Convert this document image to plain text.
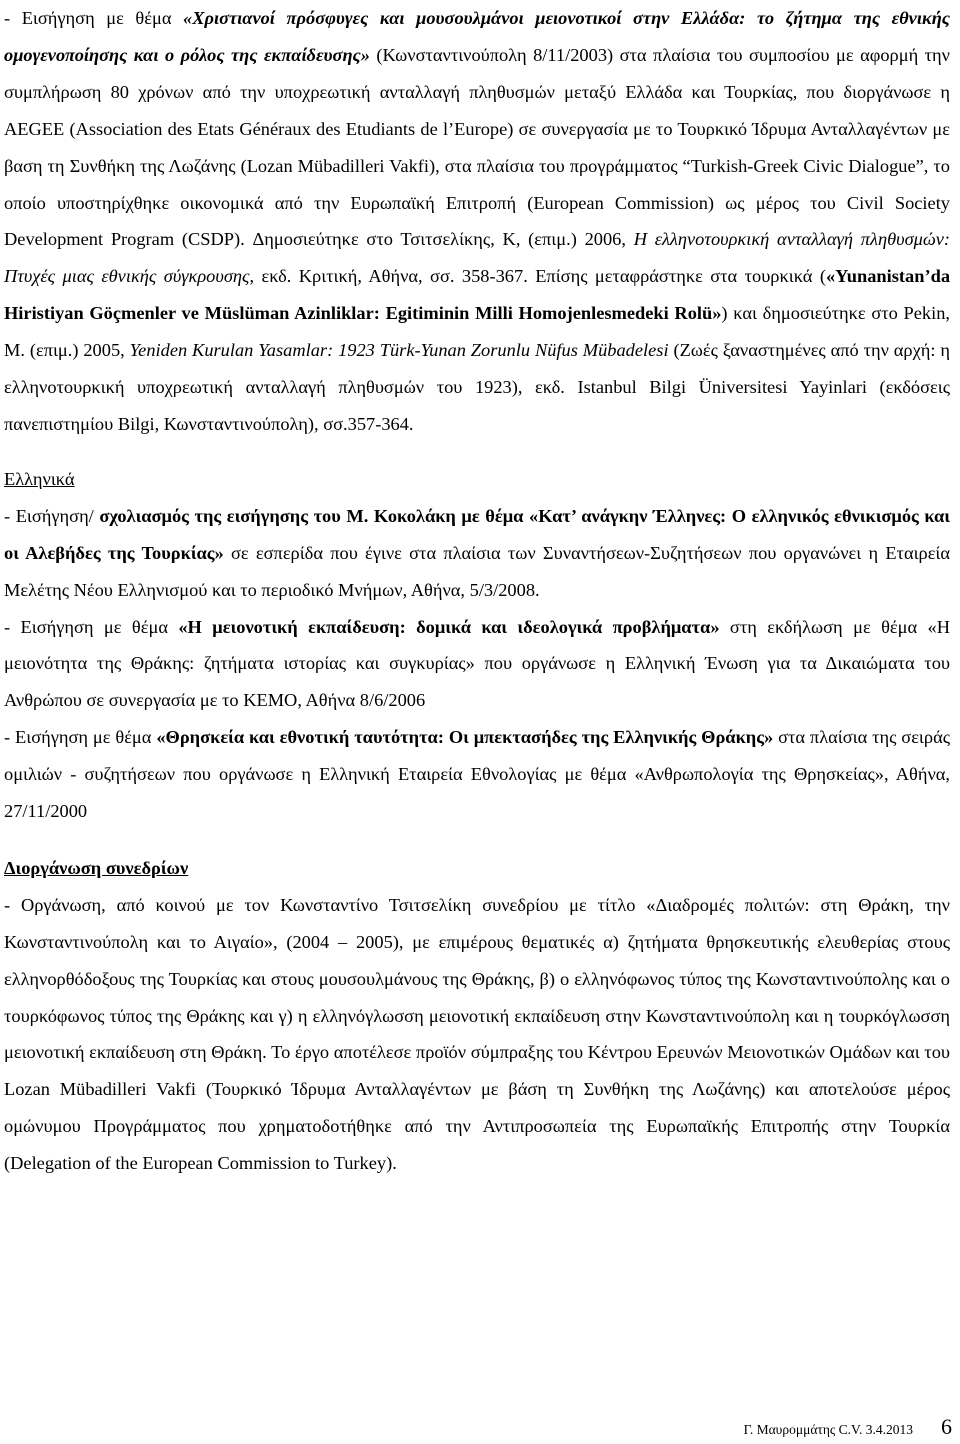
- Εισήγηση με θέμα «Χριστιανοί πρόσφυγες και μουσουλμάνοι μειονοτικοί στην Ελλάδα: το ζήτημα της εθνικής ομογενοποίησης και ο ρόλος της εκπαίδευσης» (Κωνσταντινούπολη 8/11/2003) στα πλαίσια του συμποσίου με αφορμή την συμπλήρωση 80 χρόνων από την υποχρεωτική ανταλλαγή πληθυσμών μεταξύ Ελλάδα και Τουρκίας, που διοργάνωσε η AEGEE (Association des Etats Généraux des Etudiants de l’Europe) σε συνεργασία με το Τουρκικό Ίδρυμα Ανταλλαγέντων με βαση τη Συνθήκη της Λωζάνης (Lozan Mübadilleri Vakfi), στα πλαίσια του προγράμματος “Turkish-Greek Civic Dialogue”, το οποίο υποστηρίχθηκε οικονομικά από την Ευρωπαϊκή Επιτροπή (European Commission) ως μέρος του Civil Society Development Program (CSDP). Δημοσιεύτηκε στο Τσιτσελίκης, Κ, (επιμ.) 2006, Η ελληνοτουρκική ανταλλαγή πληθυσμών: Πτυχές μιας εθνικής σύγκρουσης, εκδ. Κριτική, Αθήνα, σσ. 358-367. Επίσης μεταφράστηκε στα τουρκικά («Yunanistan’da Hiristiyan Göçmenler ve Müslüman Azinliklar: Egitiminin Milli Homojenlesmedeki Rolü») και δημοσιεύτηκε στο Pekin, M. (επιμ.) 2005, Yeniden Kurulan Yasamlar: 1923 Türk-Yunan Zorunlu Nüfus Mübadelesi (Ζωές ξαναστημένες από την αρχή: η ελληνοτουρκική υποχρεωτική ανταλλαγή πληθυσμών του 1923), εκδ. Istanbul Bilgi Üniversitesi Yayinlari (εκδόσεις πανεπιστημίου Bilgi, Κωνσταντινούπολη), σσ.357-364.

Ελληνικά

- Εισήγηση/ σχολιασμός της εισήγησης του Μ. Κοκολάκη με θέμα «Κατ’ ανάγκην Έλληνες: Ο ελληνικός εθνικισμός και οι Αλεβήδες της Τουρκίας» σε εσπερίδα που έγινε στα πλαίσια των Συναντήσεων-Συζητήσεων που οργανώνει η Εταιρεία Μελέτης Νέου Ελληνισμού και το περιοδικό Μνήμων, Αθήνα, 5/3/2008.

- Εισήγηση με θέμα «Η μειονοτική εκπαίδευση: δομικά και ιδεολογικά προβλήματα» στη εκδήλωση με θέμα «Η μειονότητα της Θράκης: ζητήματα ιστορίας και συγκυρίας» που οργάνωσε η Ελληνική Ένωση για τα Δικαιώματα του Ανθρώπου σε συνεργασία με το ΚΕΜΟ, Αθήνα 8/6/2006

- Εισήγηση με θέμα «Θρησκεία και εθνοτική ταυτότητα: Οι μπεκτασήδες της Ελληνικής Θράκης» στα πλαίσια της σειράς ομιλιών - συζητήσεων που οργάνωσε η Ελληνική Εταιρεία Εθνολογίας με θέμα «Ανθρωπολογία της Θρησκείας», Αθήνα, 27/11/2000

Διοργάνωση συνεδρίων

- Οργάνωση, από κοινού με τον Κωνσταντίνο Τσιτσελίκη συνεδρίου με τίτλο «Διαδρομές πολιτών: στη Θράκη, την Κωνσταντινούπολη και το Αιγαίο», (2004 – 2005), με επιμέρους θεματικές α) ζητήματα θρησκευτικής ελευθερίας στους ελληνορθόδοξους της Τουρκίας και στους μουσουλμάνους της Θράκης, β) ο ελληνόφωνος τύπος της Κωνσταντινούπολης και ο τουρκόφωνος τύπος της Θράκης και γ) η ελληνόγλωσση μειονοτική εκπαίδευση στην Κωνσταντινούπολη και η τουρκόγλωσση μειονοτική εκπαίδευση στη Θράκη. Το έργο αποτέλεσε προϊόν σύμπραξης του Κέντρου Ερευνών Μειονοτικών Ομάδων και του Lozan Mübadilleri Vakfi (Τουρκικό Ίδρυμα Ανταλλαγέντων με βάση τη Συνθήκη της Λωζάνης) και αποτελούσε μέρος ομώνυμου Προγράμματος που χρηματοδοτήθηκε από την Αντιπροσωπεία της Ευρωπαϊκής Επιτροπής στην Τουρκία (Delegation of the European Commission to Turkey).

Γ. Μαυρομμάτης C.V. 3.4.2013 6
